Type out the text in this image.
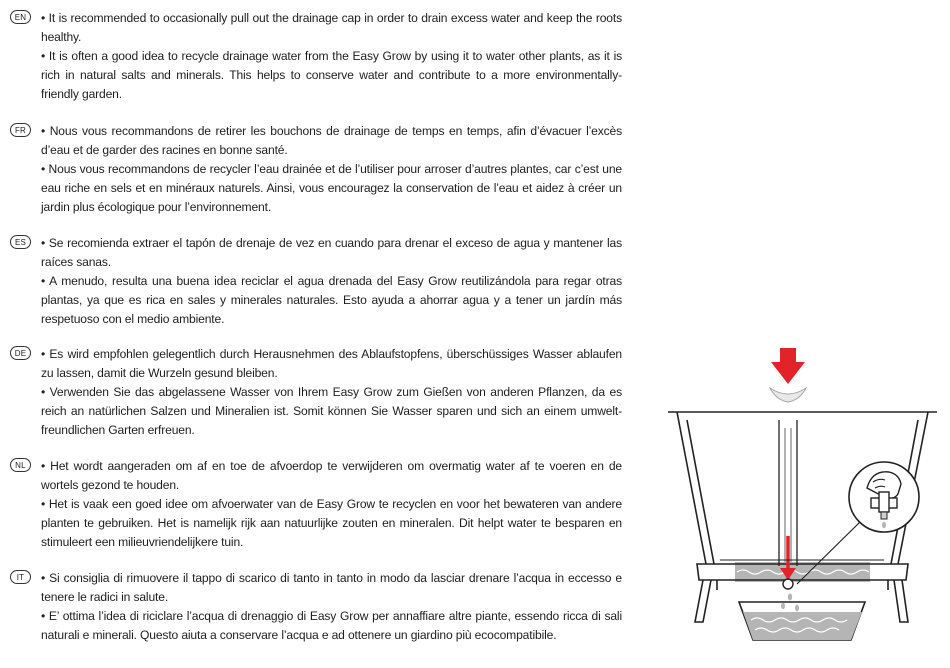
EN	• It is recommended to occasionally pull out the drainage cap in order to drain excess water and keep the roots healthy.

• It is often a good idea to recycle drainage water from the Easy Grow by using it to water other plants, as it is rich in natural salts and minerals. This helps to conserve water and contribute to a more environmentally-friendly garden.

FR	• Nous vous recommandons de retirer les bouchons de drainage de temps en temps, afin d’évacuer l’excès d’eau et de garder des racines en bonne santé.

• Nous vous recommandons de recycler l’eau drainée et de l’utiliser pour arroser d’autres plantes, car c’est une eau riche en sels et en minéraux naturels. Ainsi, vous encouragez la conservation de l’eau et aidez à créer un jardin plus écologique pour l’environnement.

ES	• Se recomienda extraer el tapón de drenaje de vez en cuando para drenar el exceso de agua y mantener las raíces sanas.

• A menudo, resulta una buena idea reciclar el agua drenada del Easy Grow reutilizándola para regar otras plantas, ya que es rica en sales y minerales naturales. Esto ayuda a ahorrar agua y a tener un jardín más respetuoso con el medio ambiente.

DE	• Es wird empfohlen gelegentlich durch Herausnehmen des Ablaufstopfens, überschüssiges Wasser ablaufen zu lassen, damit die Wurzeln gesund bleiben.

• Verwenden Sie das abgelassene Wasser von Ihrem Easy Grow zum Gießen von anderen Pflanzen, da es reich an natürlichen Salzen und Mineralien ist. Somit können Sie Wasser sparen und sich an einem umwelt-freundlichen Garten erfreuen.

NL	• Het wordt aangeraden om af en toe de afvoerdop te verwijderen om overmatig water af te voeren en de wortels gezond te houden.

• Het is vaak een goed idee om afvoerwater van de Easy Grow te recyclen en voor het bewateren van andere planten te gebruiken. Het is namelijk rijk aan natuurlijke zouten en mineralen. Dit helpt water te besparen en stimuleert een milieuvriendelijkere tuin.

IT	• Si consiglia di rimuovere il tappo di scarico di tanto in tanto in modo da lasciar drenare l’acqua in eccesso e tenere le radici in salute.

• E’ ottima l’idea di riciclare l’acqua di drenaggio di Easy Grow per annaffiare altre piante, essendo ricca di sali naturali e minerali. Questo aiuta a conservare l’acqua e ad ottenere un giardino più ecocompatibile.
